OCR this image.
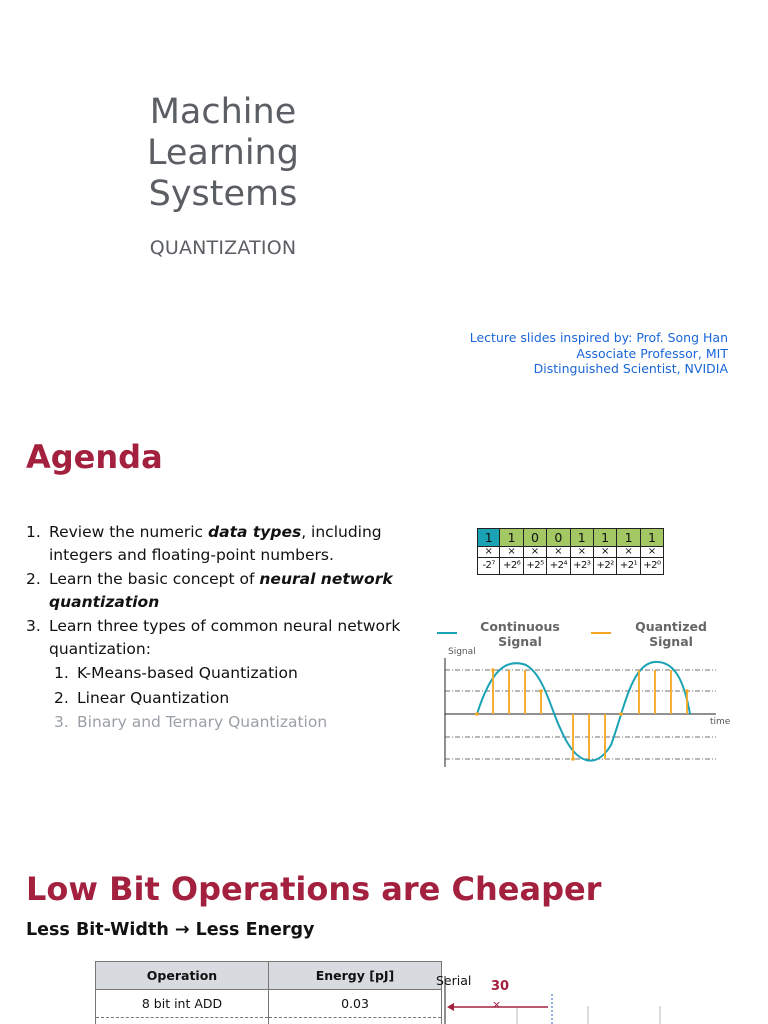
Machine
Learning
Systems
QUANTIZATION
Lecture slides inspired by: Prof. Song Han
Associate Professor, MIT
Distinguished Scientist, NVIDIA
Agenda
1. Review the numeric data types, including integers and floating-point numbers.
2. Learn the basic concept of neural network quantization
3. Learn three types of common neural network quantization:
1. K-Means-based Quantization
2. Linear Quantization
3. Binary and Ternary Quantization
1	1	0	0	1	1	1	1
×	×	×	×	×	×	×	×
-2⁷ +2⁶ +2⁵ +2⁴ +2³ +2² +2¹ +2⁰
Continuous Signal
Quantized Signal
Signal
time
Low Bit Operations are Cheaper
Less Bit-Width → Less Energy
Operation	Energy [pJ]
8 bit int ADD	0.03

Serial 30
×
